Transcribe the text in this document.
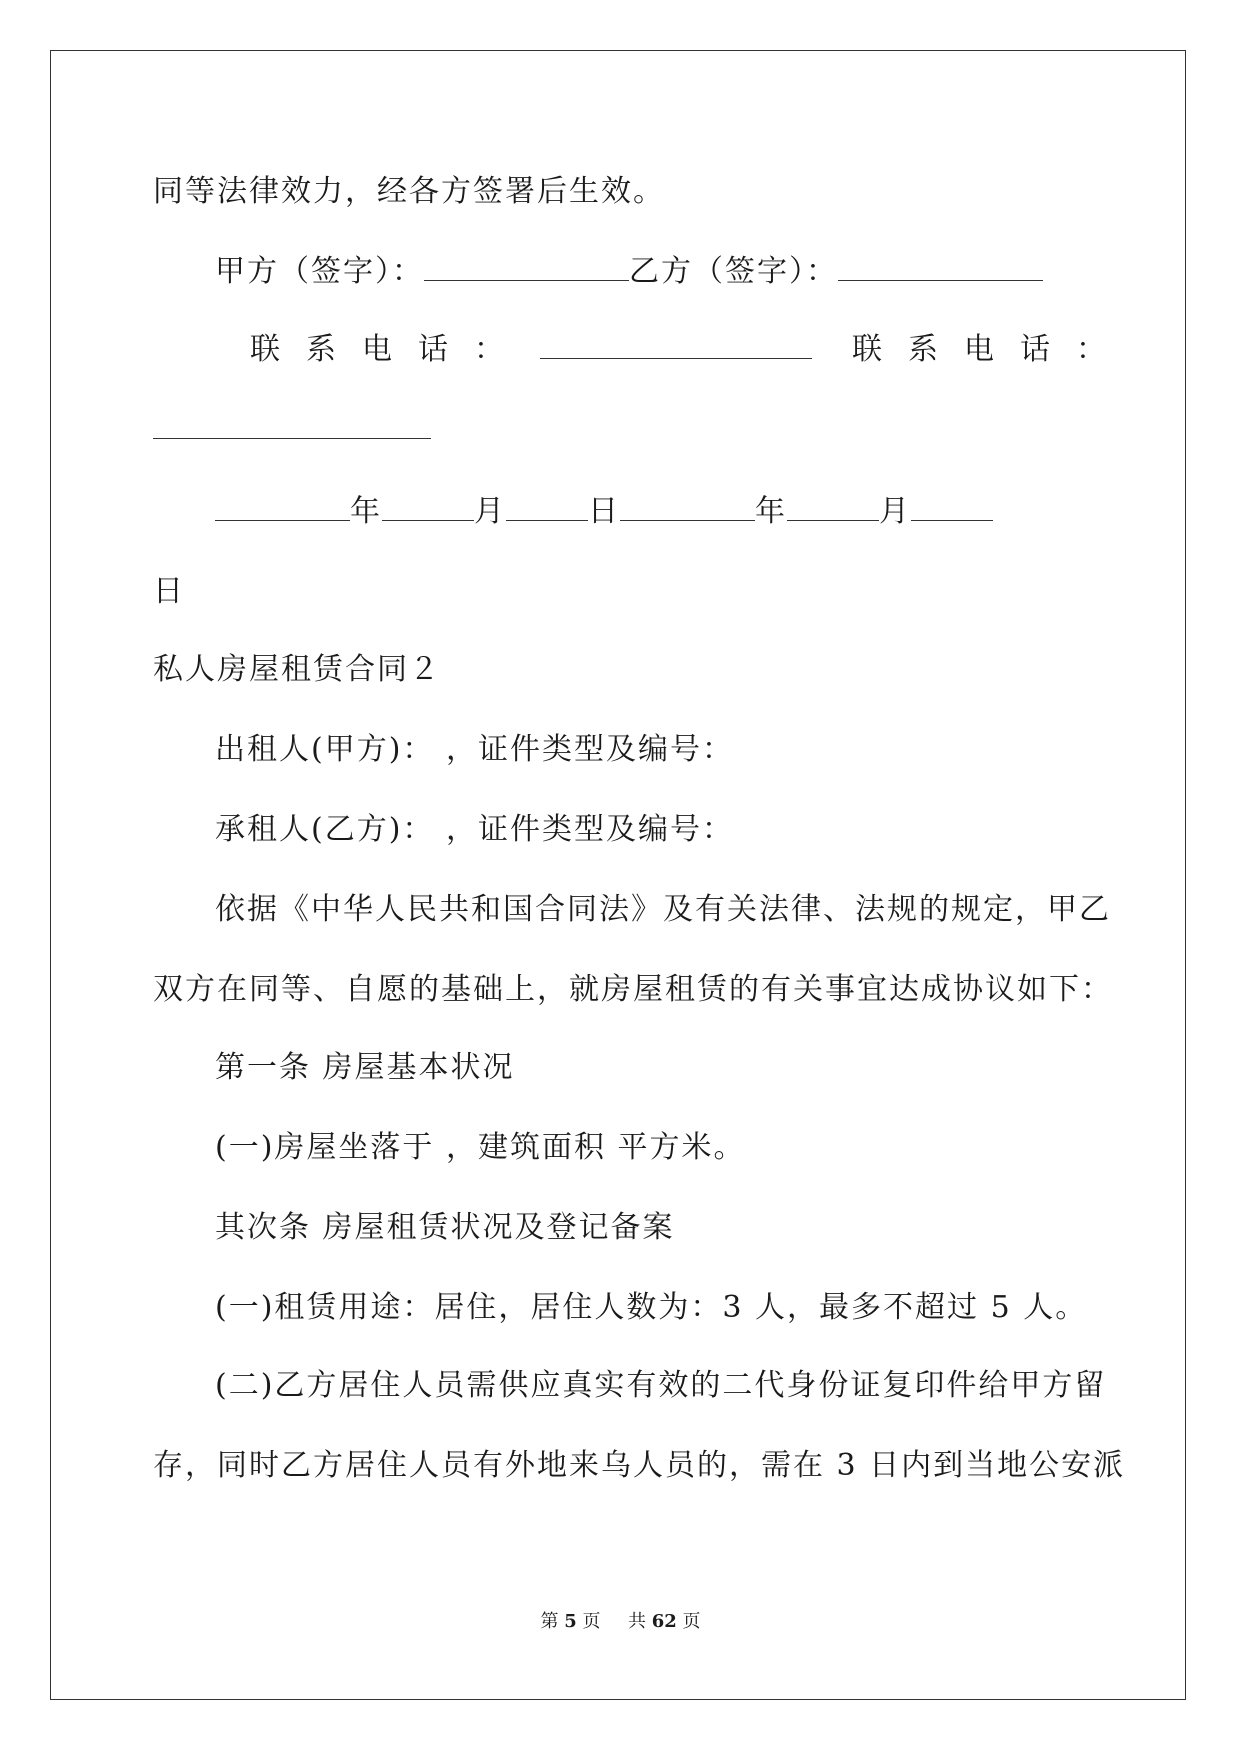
同等法律效力，经各方签署后生效。
甲方（签字）：	乙方（签字）：
联系电话：	联系电话：
年	月	日	年	月
日
私人房屋租赁合同２
出租人(甲方)： ，证件类型及编号：
承租人(乙方)： ，证件类型及编号：
依据《中华人民共和国合同法》及有关法律、法规的规定，甲乙
双方在同等、自愿的基础上，就房屋租赁的有关事宜达成协议如下：
第一条 房屋基本状况
(一)房屋坐落于 ，建筑面积 平方米。
其次条 房屋租赁状况及登记备案
(一)租赁用途：居住，居住人数为：3 人，最多不超过 5 人。
(二)乙方居住人员需供应真实有效的二代身份证复印件给甲方留
存，同时乙方居住人员有外地来乌人员的，需在 3 日内到当地公安派
第 5 页 共 62 页
